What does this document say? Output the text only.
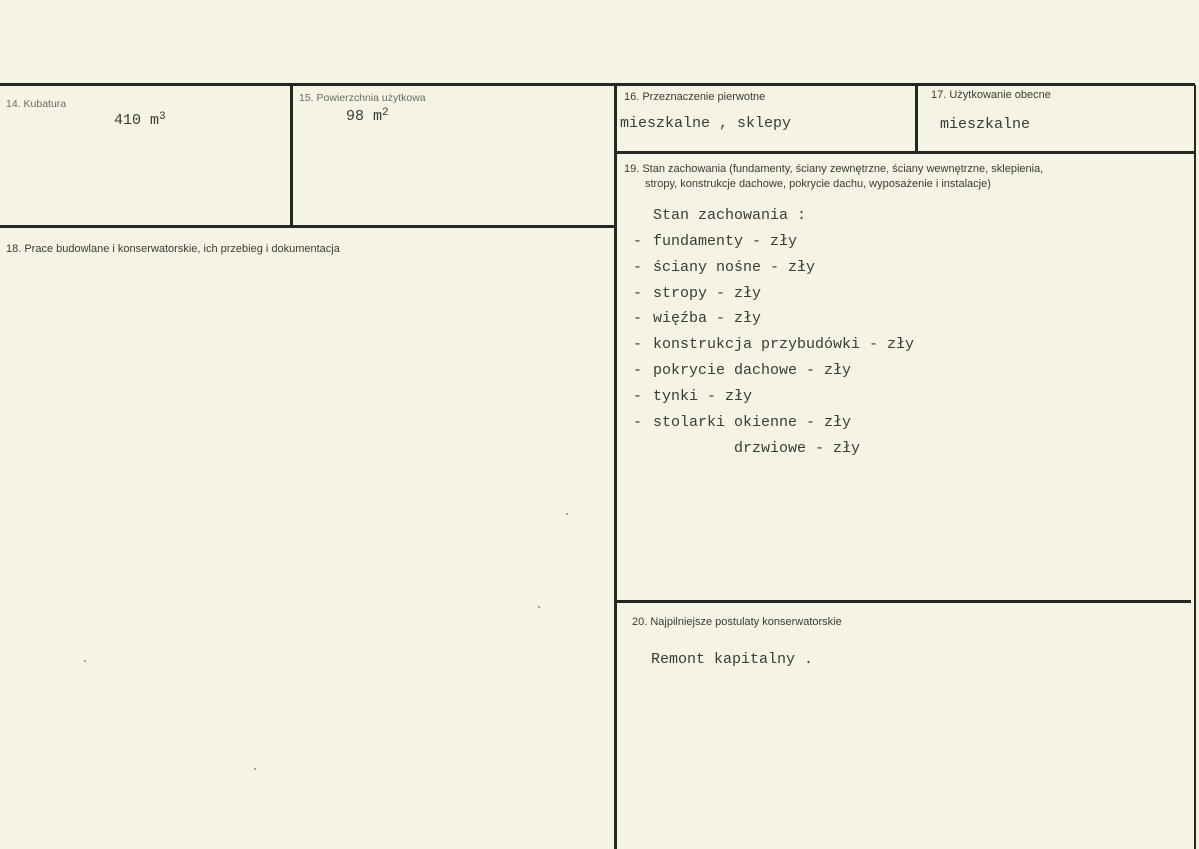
14. Kubatura
410 $m^3$
15. Powierzchnia użytkowa
98 $m^2$
16. Przeznaczenie pierwotne
mieszkalne , sklepy
17. Użytkowanie obecne
mieszkalne
18. Prace budowlane i konserwatorskie, ich przebieg i dokumentacja
19. Stan zachowania (fundamenty, ściany zewnętrzne, ściany wewnętrzne, sklepienia,
stropy, konstrukcje dachowe, pokrycie dachu, wyposażenie i instalacje)
Stan zachowania :
- fundamenty - zły
- ściany nośne - zły
- stropy - zły
- więźba - zły
- konstrukcja przybudówki - zły
- pokrycie dachowe - zły
- tynki - zły
- stolarki okienne - zły
drzwiowe - zły
20. Najpilniejsze postulaty konserwatorskie
Remont kapitalny .
